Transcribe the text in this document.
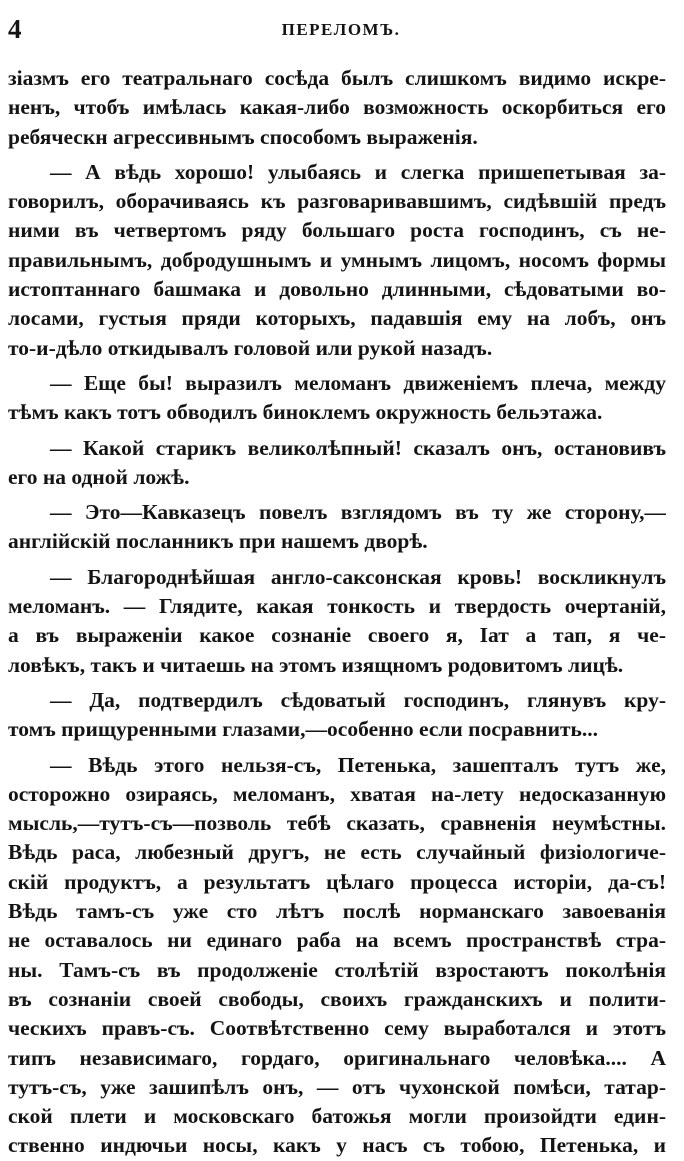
4	ПЕРЕЛОМЪ.
зіазмъ его театральнаго сосѣда былъ слишкомъ видимо искре-
ненъ, чтобъ имѣлась какая-либо возможность оскорбиться его
ребяческн агрессивнымъ способомъ выраженія.
— А вѣдь хорошо! улыбаясь и слегка пришепетывая за-
говорилъ, оборачиваясь къ разговаривавшимъ, сидѣвшій предъ
ними въ четвертомъ ряду большаго роста господинъ, съ не-
правильнымъ, добродушнымъ и умнымъ лицомъ, носомъ формы
истоптаннаго башмака и довольно длинными, сѣдоватыми во-
лосами, густыя пряди которыхъ, падавшія ему на лобъ, онъ
то-и-дѣло откидывалъ головой или рукой назадъ.
— Еще бы! выразилъ меломанъ движеніемъ плеча, между
тѣмъ какъ тотъ обводилъ биноклемъ окружность бельэтажа.
— Какой старикъ великолѣпный! сказалъ онъ, остановивъ
его на одной ложѣ.
— Это—Кавказецъ повелъ взглядомъ въ ту же сторону,—
англійскій посланникъ при нашемъ дворѣ.
— Благороднѣйшая англо-саксонская кровь! воскликнулъ
меломанъ. — Глядите, какая тонкость и твердость очертаній,
а въ выраженіи какое сознаніе своего я, Іат а тап, я че-
ловѣкъ, такъ и читаешь на этомъ изящномъ родовитомъ лицѣ.
— Да, подтвердилъ сѣдоватый господинъ, глянувъ кру-
томъ прищуренными глазами,—особенно если посравнить...
— Вѣдь этого нельзя-съ, Петенька, зашепталъ тутъ же,
осторожно озираясь, меломанъ, хватая на-лету недосказанную
мысль,—тутъ-съ—позволь тебѣ сказать, сравненія неумѣстны.
Вѣдь раса, любезный другъ, не есть случайный физіологиче-
скій продуктъ, а результатъ цѣлаго процесса исторіи, да-съ!
Вѣдь тамъ-съ уже сто лѣтъ послѣ норманскаго завоеванія
не оставалось ни единаго раба на всемъ пространствѣ стра-
ны. Тамъ-съ въ продолженіе столѣтій взростаютъ поколѣнія
въ сознаніи своей свободы, своихъ гражданскихъ и полити-
ческихъ правъ-съ. Соотвѣтственно сему выработался и этотъ
типъ независимаго, гордаго, оригинальнаго человѣка.... А
тутъ-съ, уже зашипѣлъ онъ, — отъ чухонской помѣси, татар-
ской плети и московскаго батожья могли произойдти един-
ственно индючьи носы, какъ у насъ съ тобою, Петенька, и
